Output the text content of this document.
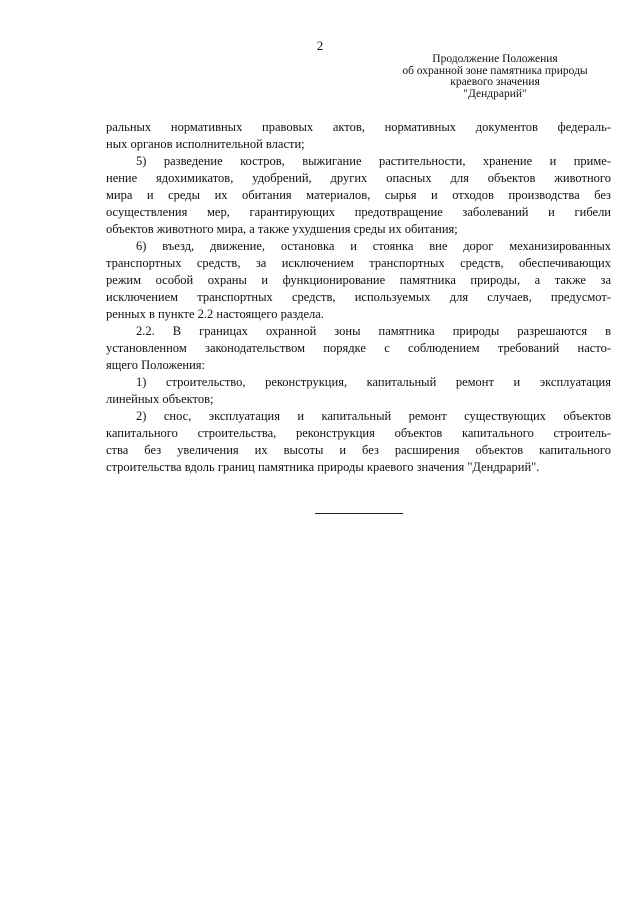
2
Продолжение Положения
об охранной зоне памятника природы
краевого значения
"Дендрарий"
ральных нормативных правовых актов, нормативных документов федераль-
ных органов исполнительной власти;
5) разведение костров, выжигание растительности, хранение и приме-
нение ядохимикатов, удобрений, других опасных для объектов животного
мира и среды их обитания материалов, сырья и отходов производства без
осуществления мер, гарантирующих предотвращение заболеваний и гибели
объектов животного мира, а также ухудшения среды их обитания;
6) въезд, движение, остановка и стоянка вне дорог механизированных
транспортных средств, за исключением транспортных средств, обеспечивающих
режим особой охраны и функционирование памятника природы, а также за
исключением транспортных средств, используемых для случаев, предусмот-
ренных в пункте 2.2 настоящего раздела.
2.2. В границах охранной зоны памятника природы разрешаются в
установленном законодательством порядке с соблюдением требований насто-
ящего Положения:
1) строительство, реконструкция, капитальный ремонт и эксплуатация
линейных объектов;
2) снос, эксплуатация и капитальный ремонт существующих объектов
капитального строительства, реконструкция объектов капитального строитель-
ства без увеличения их высоты и без расширения объектов капитального
строительства вдоль границ памятника природы краевого значения "Дендрарий".
